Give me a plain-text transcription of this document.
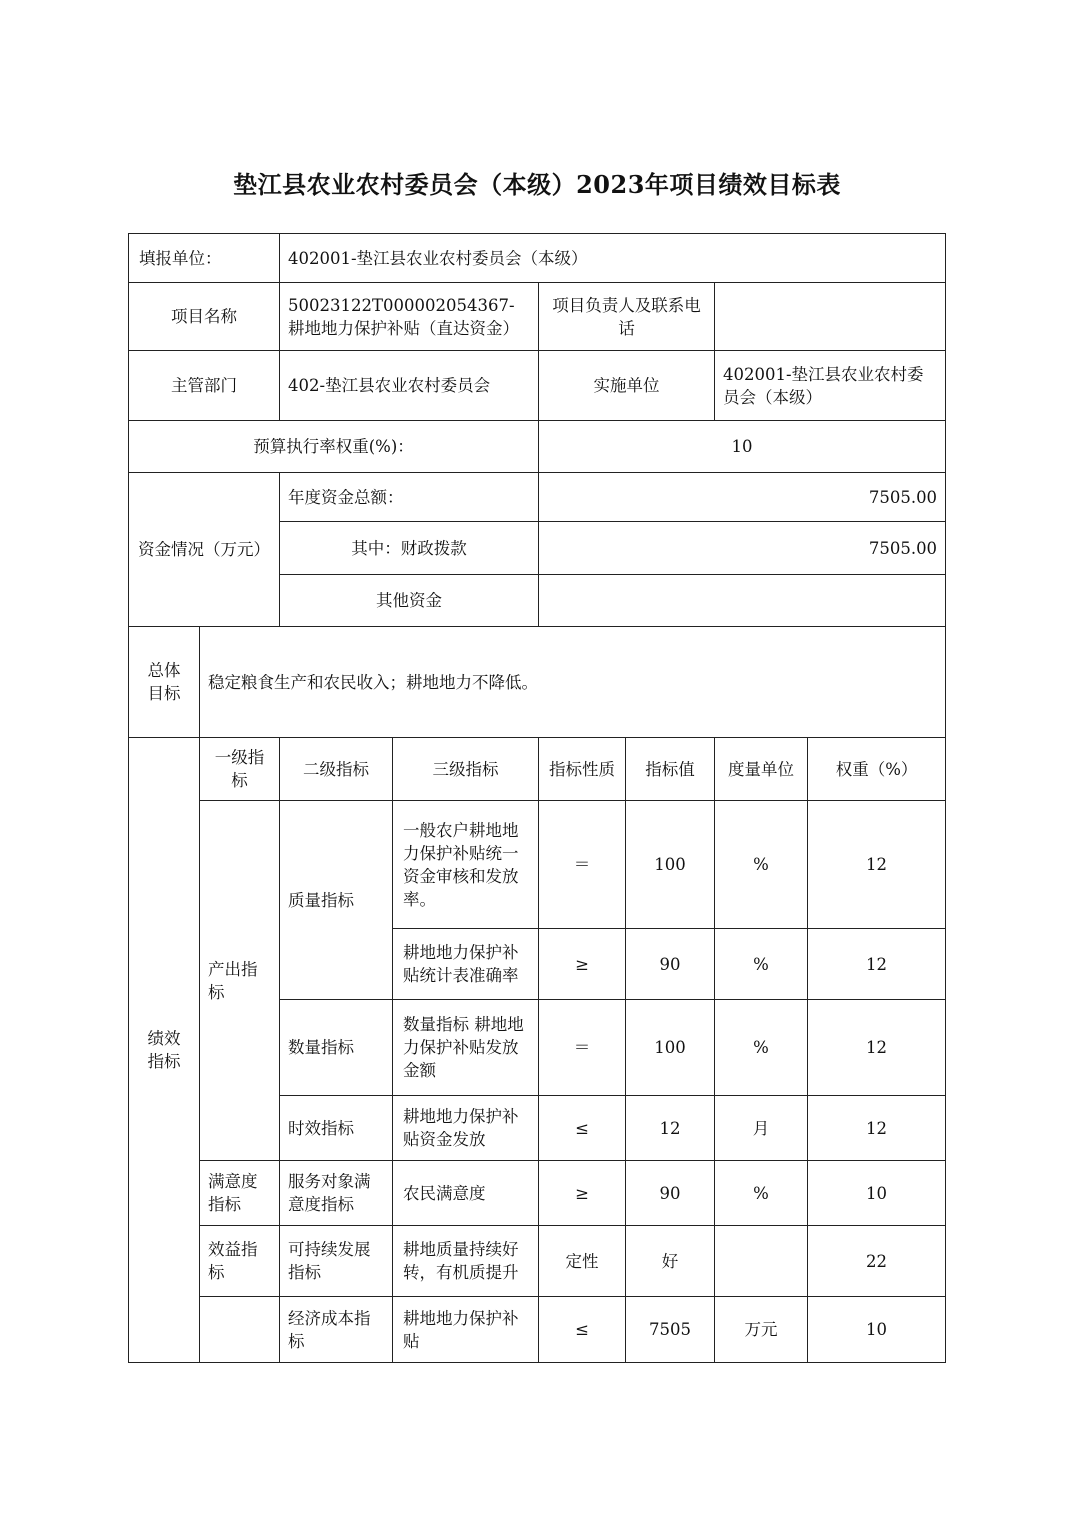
垫江县农业农村委员会（本级）2023年项目绩效目标表
填报单位：		402001-垫江县农业农村委员会（本级）					
项目名称		50023122T000002054367-耕地地力保护补贴（直达资金）		项目负责人及联系电话			
主管部门		402-垫江县农业农村委员会		实施单位		402001-垫江县农业农村委员会（本级）	
预算执行率权重(%)：				10			
资金情况（万元）		年度资金总额：		7505.00			
		其中：财政拨款		7505.00			
		其他资金					
总体目标	稳定粮食生产和农民收入；耕地地力不降低。						
绩效指标	一级指标	二级指标	三级指标	指标性质	指标值	度量单位	权重（%）
	产出指标	质量指标	一般农户耕地地力保护补贴统一资金审核和发放率。	＝	100	%	12
			耕地地力保护补贴统计表准确率	≥	90	%	12
		数量指标	数量指标 耕地地力保护补贴发放金额	＝	100	%	12
		时效指标	耕地地力保护补贴资金发放	≤	12	月	12
	满意度指标	服务对象满意度指标	农民满意度	≥	90	%	10
	效益指标	可持续发展指标	耕地质量持续好转，有机质提升	定性	好		22
		经济成本指标	耕地地力保护补贴	≤	7505	万元	10
